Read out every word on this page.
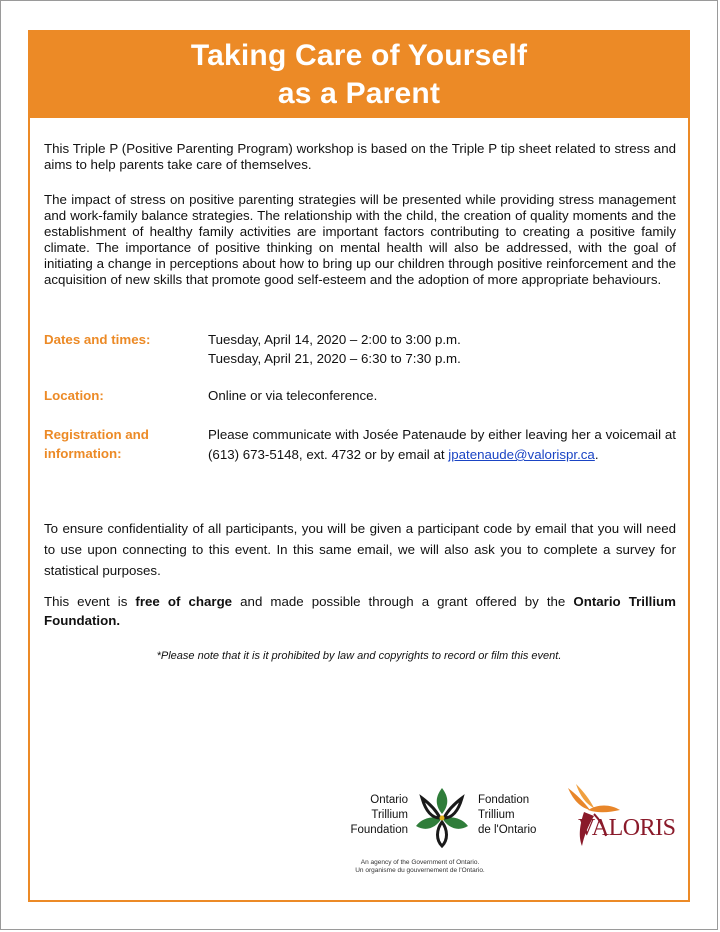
Taking Care of Yourself
as a Parent
This Triple P (Positive Parenting Program) workshop is based on the Triple P tip sheet related to stress and aims to help parents take care of themselves.
The impact of stress on positive parenting strategies will be presented while providing stress management and work-family balance strategies. The relationship with the child, the creation of quality moments and the establishment of healthy family activities are important factors contributing to creating a positive family climate. The importance of positive thinking on mental health will also be addressed, with the goal of initiating a change in perceptions about how to bring up our children through positive reinforcement and the acquisition of new skills that promote good self-esteem and the adoption of more appropriate behaviours.
Dates and times:	Tuesday, April 14, 2020 – 2:00 to 3:00 p.m.
Tuesday, April 21, 2020 – 6:30 to 7:30 p.m.
Location:	Online or via teleconference.
Registration and
information:
Please communicate with Josée Patenaude by either leaving her a voicemail at (613) 673-5148, ext. 4732 or by email at jpatenaude@valorispr.ca.
To ensure confidentiality of all participants, you will be given a participant code by email that you will need to use upon connecting to this event. In this same email, we will also ask you to complete a survey for statistical purposes.
This event is free of charge and made possible through a grant offered by the Ontario Trillium Foundation.
*Please note that it is it prohibited by law and copyrights to record or film this event.
Ontario
Trillium
Foundation
Fondation
Trillium
de l'Ontario
An agency of the Government of Ontario.
Un organisme du gouvernement de l'Ontario.
VALORIS
